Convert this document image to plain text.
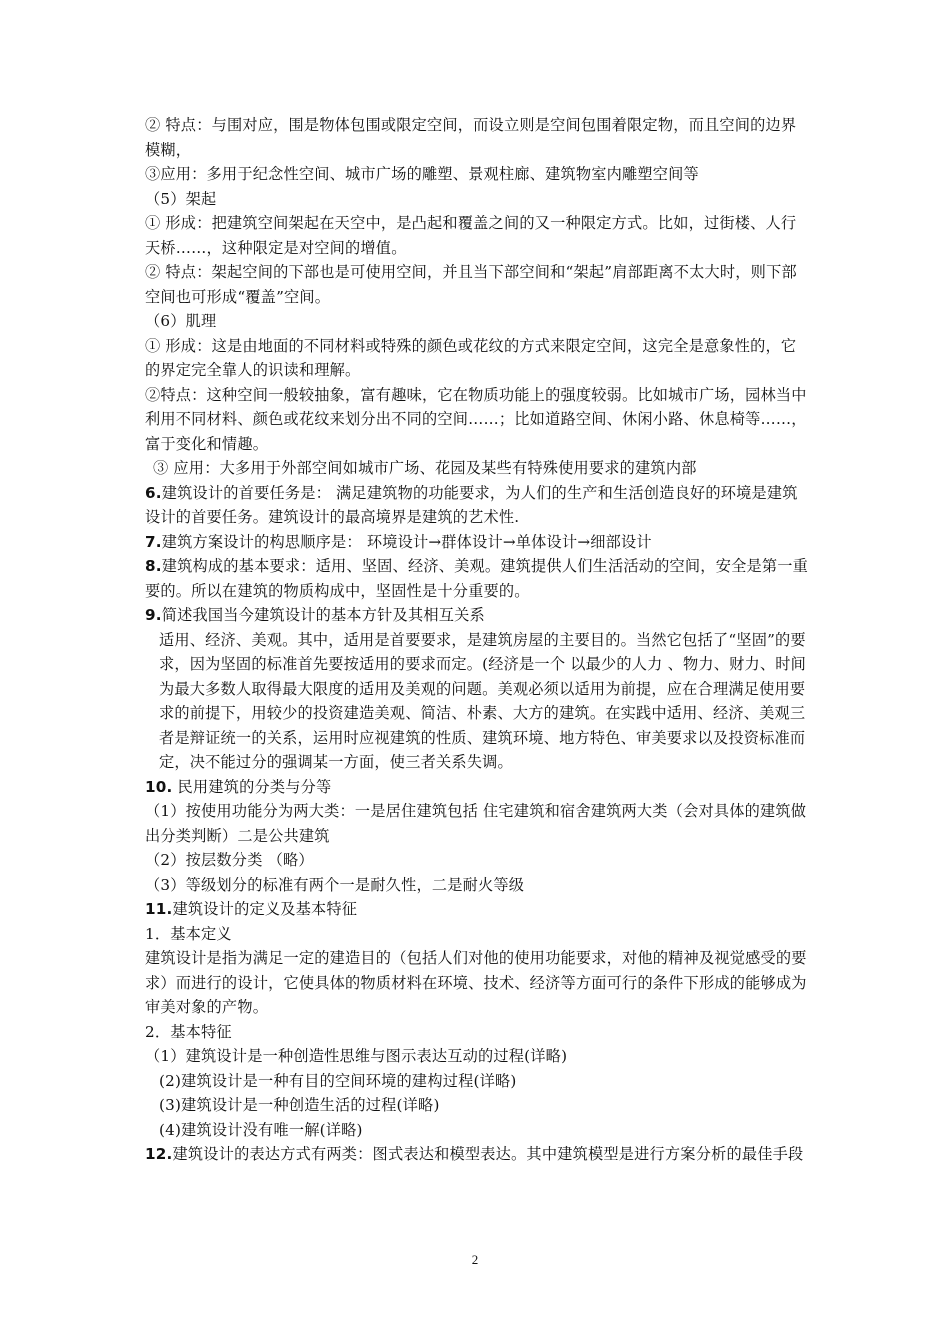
② 特点：与围对应，围是物体包围或限定空间，而设立则是空间包围着限定物，而且空间的边界模糊，

③应用：多用于纪念性空间、城市广场的雕塑、景观柱廊、建筑物室内雕塑空间等

（5）架起

① 形成：把建筑空间架起在天空中，是凸起和覆盖之间的又一种限定方式。比如，过街楼、人行天桥……，这种限定是对空间的增值。

② 特点：架起空间的下部也是可使用空间，并且当下部空间和“架起”肩部距离不太大时，则下部空间也可形成“覆盖”空间。

（6）肌理

① 形成：这是由地面的不同材料或特殊的颜色或花纹的方式来限定空间，这完全是意象性的，它的界定完全靠人的识读和理解。

②特点：这种空间一般较抽象，富有趣味，它在物质功能上的强度较弱。比如城市广场，园林当中利用不同材料、颜色或花纹来划分出不同的空间……；比如道路空间、休闲小路、休息椅等……，富于变化和情趣。

③ 应用：大多用于外部空间如城市广场、花园及某些有特殊使用要求的建筑内部

6.建筑设计的首要任务是： 满足建筑物的功能要求，为人们的生产和生活创造良好的环境是建筑设计的首要任务。建筑设计的最高境界是建筑的艺术性.

7.建筑方案设计的构思顺序是： 环境设计→群体设计→单体设计→细部设计

8.建筑构成的基本要求：适用、坚固、经济、美观。建筑提供人们生活活动的空间，安全是第一重要的。所以在建筑的物质构成中，坚固性是十分重要的。

9.简述我国当今建筑设计的基本方针及其相互关系

适用、经济、美观。其中，适用是首要要求，是建筑房屋的主要目的。当然它包括了“坚固”的要求，因为坚固的标准首先要按适用的要求而定。(经济是一个 以最少的人力 、物力、财力、时间为最大多数人取得最大限度的适用及美观的问题。美观必须以适用为前提，应在合理满足使用要求的前提下，用较少的投资建造美观、简洁、朴素、大方的建筑。在实践中适用、经济、美观三者是辩证统一的关系，运用时应视建筑的性质、建筑环境、地方特色、审美要求以及投资标准而定，决不能过分的强调某一方面，使三者关系失调。

10. 民用建筑的分类与分等

（1）按使用功能分为两大类：一是居住建筑包括 住宅建筑和宿舍建筑两大类（会对具体的建筑做出分类判断）二是公共建筑

（2）按层数分类 （略）

（3）等级划分的标准有两个一是耐久性，二是耐火等级

11.建筑设计的定义及基本特征

1．基本定义

建筑设计是指为满足一定的建造目的（包括人们对他的使用功能要求，对他的精神及视觉感受的要求）而进行的设计，它使具体的物质材料在环境、技术、经济等方面可行的条件下形成的能够成为审美对象的产物。

2．基本特征

（1）建筑设计是一种创造性思维与图示表达互动的过程(详略)

(2)建筑设计是一种有目的空间环境的建构过程(详略)

(3)建筑设计是一种创造生活的过程(详略)

(4)建筑设计没有唯一解(详略)

12.建筑设计的表达方式有两类：图式表达和模型表达。其中建筑模型是进行方案分析的最佳手段

2
